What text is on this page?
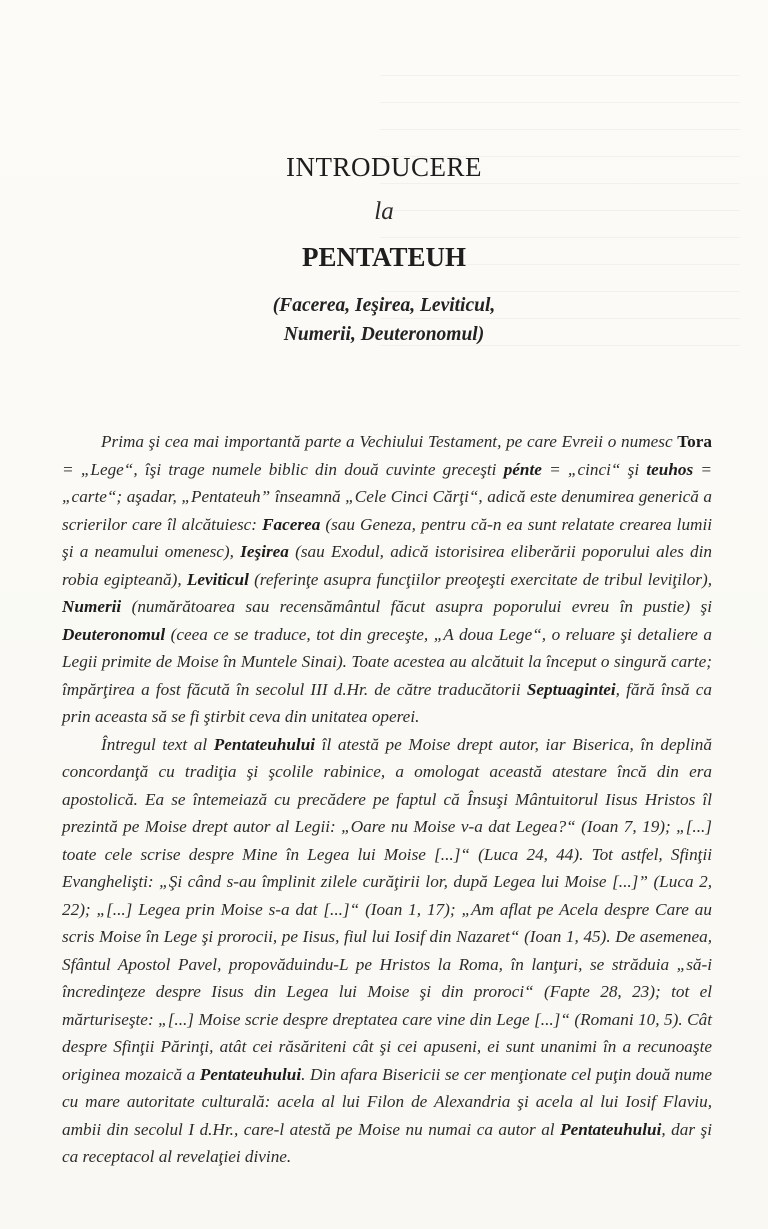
INTRODUCERE
la
PENTATEUH
(Facerea, Ieşirea, Leviticul,
Numerii, Deuteronomul)

Prima şi cea mai importantă parte a Vechiului Testament, pe care Evreii o numesc Tora = „Lege“, îşi trage numele biblic din două cuvinte greceşti pénte = „cinci“ şi teuhos = „carte“; aşadar, „Pentateuh” înseamnă „Cele Cinci Cărţi“, adică este denumirea generică a scrierilor care îl alcătuiesc: Facerea (sau Geneza, pentru că-n ea sunt relatate crearea lumii şi a neamului omenesc), Ieşirea (sau Exodul, adică istorisirea eliberării poporului ales din robia egipteană), Leviticul (referinţe asupra funcţiilor preoţeşti exercitate de tribul leviţilor), Numerii (numărătoarea sau recensământul făcut asupra poporului evreu în pustie) şi Deuteronomul (ceea ce se traduce, tot din greceşte, „A doua Lege“, o reluare şi detaliere a Legii primite de Moise în Muntele Sinai). Toate acestea au alcătuit la început o singură carte; împărţirea a fost făcută în secolul III d.Hr. de către traducătorii Septuagintei, fără însă ca prin aceasta să se fi ştirbit ceva din unitatea operei.

Întregul text al Pentateuhului îl atestă pe Moise drept autor, iar Biserica, în deplină concordanţă cu tradiţia şi şcolile rabinice, a omologat această atestare încă din era apostolică. Ea se întemeiază cu precădere pe faptul că Însuşi Mântuitorul Iisus Hristos îl prezintă pe Moise drept autor al Legii: „Oare nu Moise v-a dat Legea?“ (Ioan 7, 19); „[...] toate cele scrise despre Mine în Legea lui Moise [...]“ (Luca 24, 44). Tot astfel, Sfinţii Evanghelişti: „Şi când s-au împlinit zilele curăţirii lor, după Legea lui Moise [...]” (Luca 2, 22); „[...] Legea prin Moise s-a dat [...]“ (Ioan 1, 17); „Am aflat pe Acela despre Care au scris Moise în Lege şi prorocii, pe Iisus, fiul lui Iosif din Nazaret“ (Ioan 1, 45). De asemenea, Sfântul Apostol Pavel, propovăduindu-L pe Hristos la Roma, în lanţuri, se străduia „să-i încredinţeze despre Iisus din Legea lui Moise şi din proroci“ (Fapte 28, 23); tot el mărturiseşte: „[...] Moise scrie despre dreptatea care vine din Lege [...]“ (Romani 10, 5). Cât despre Sfinţii Părinţi, atât cei răsăriteni cât şi cei apuseni, ei sunt unanimi în a recunoaşte originea mozaică a Pentateuhului. Din afara Bisericii se cer menţionate cel puţin două nume cu mare autoritate culturală: acela al lui Filon de Alexandria şi acela al lui Iosif Flaviu, ambii din secolul I d.Hr., care-l atestă pe Moise nu numai ca autor al Pentateuhului, dar şi ca receptacol al revelaţiei divine.
